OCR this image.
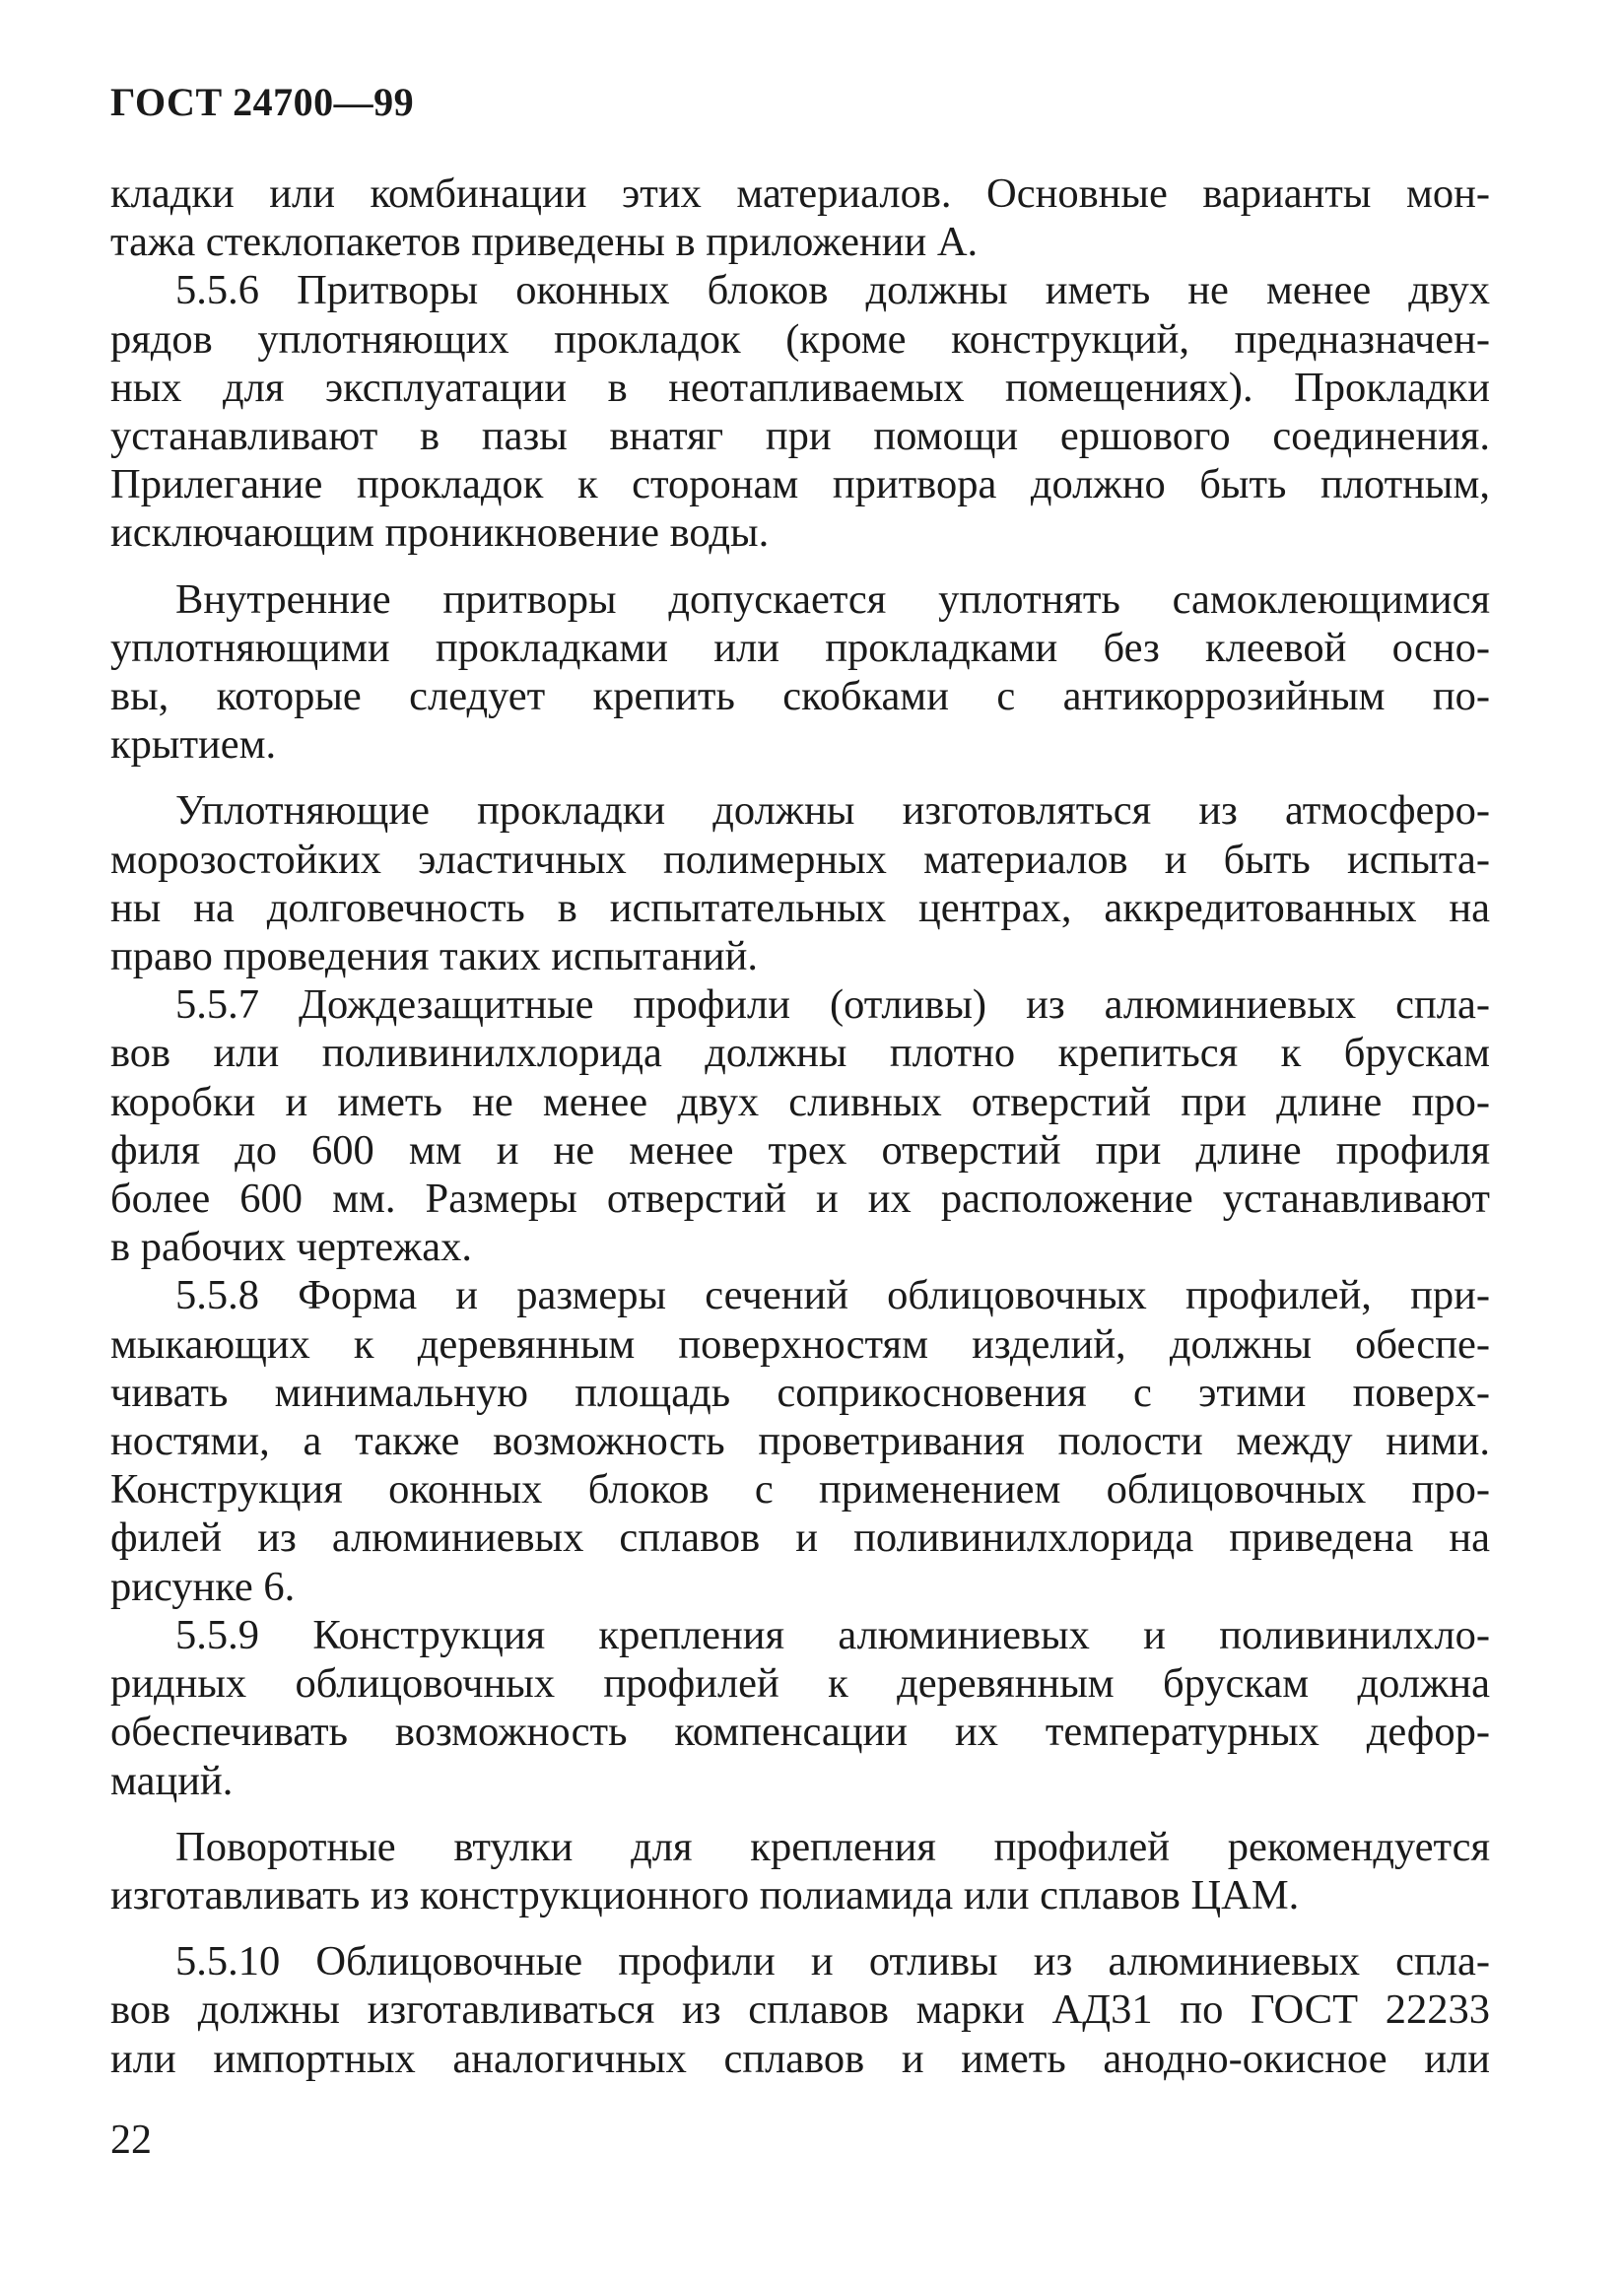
ГОСТ 24700—99

кладки или комбинации этих материалов. Основные варианты мон-
тажа стеклопакетов приведены в приложении А.

5.5.6 Притворы оконных блоков должны иметь не менее двух
рядов уплотняющих прокладок (кроме конструкций, предназначен-
ных для эксплуатации в неотапливаемых помещениях). Прокладки
устанавливают в пазы внатяг при помощи ершового соединения.
Прилегание прокладок к сторонам притвора должно быть плотным,
исключающим проникновение воды.

Внутренние притворы допускается уплотнять самоклеющимися
уплотняющими прокладками или прокладками без клеевой осно-
вы, которые следует крепить скобками с антикоррозийным по-
крытием.

Уплотняющие прокладки должны изготовляться из атмосферо-
морозостойких эластичных полимерных материалов и быть испыта-
ны на долговечность в испытательных центрах, аккредитованных на
право проведения таких испытаний.

5.5.7 Дождезащитные профили (отливы) из алюминиевых спла-
вов или поливинилхлорида должны плотно крепиться к брускам
коробки и иметь не менее двух сливных отверстий при длине про-
филя до 600 мм и не менее трех отверстий при длине профиля
более 600 мм. Размеры отверстий и их расположение устанавливают
в рабочих чертежах.

5.5.8 Форма и размеры сечений облицовочных профилей, при-
мыкающих к деревянным поверхностям изделий, должны обеспе-
чивать минимальную площадь соприкосновения с этими поверх-
ностями, а также возможность проветривания полости между ними.
Конструкция оконных блоков с применением облицовочных про-
филей из алюминиевых сплавов и поливинилхлорида приведена на
рисунке 6.

5.5.9 Конструкция крепления алюминиевых и поливинилхло-
ридных облицовочных профилей к деревянным брускам должна
обеспечивать возможность компенсации их температурных дефор-
маций.

Поворотные втулки для крепления профилей рекомендуется
изготавливать из конструкционного полиамида или сплавов ЦАМ.

5.5.10 Облицовочные профили и отливы из алюминиевых спла-
вов должны изготавливаться из сплавов марки АД31 по ГОСТ 22233
или импортных аналогичных сплавов и иметь анодно-окисное или

22
